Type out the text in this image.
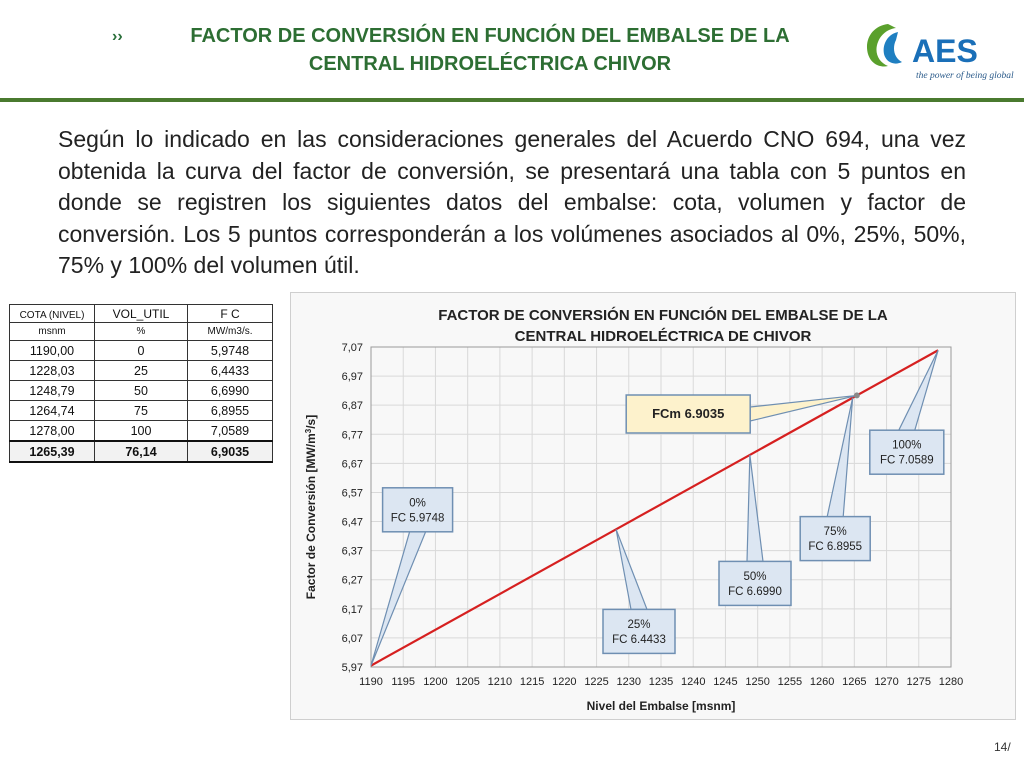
››	FACTOR DE CONVERSIÓN EN FUNCIÓN DEL EMBALSE DE LA
CENTRAL HIDROELÉCTRICA CHIVOR	AES
the power of being global

Según lo indicado en las consideraciones generales del Acuerdo CNO 694, una vez obtenida la curva del factor de conversión, se presentará una tabla con 5 puntos en donde se registren los siguientes datos del embalse: cota, volumen y factor de conversión. Los 5 puntos corresponderán a los volúmenes asociados al 0%, 25%, 50%, 75% y 100% del volumen útil.

COTA (NIVEL)	VOL_UTIL	F C
msnm	%	MW/m3/s.
1190,00	0	5,9748
1228,03	25	6,4433
1248,79	50	6,6990
1264,74	75	6,8955
1278,00	100	7,0589
1265,39	76,14	6,9035
FACTOR DE CONVERSIÓN EN FUNCIÓN DEL EMBALSE DE LA
CENTRAL HIDROELÉCTRICA DE CHIVOR
7,07
6,97
6,87
6,77
6,67
6,57
6,47
6,37
6,27
6,17
6,07
5,97
1190 1195 1200 1205 1210 1215 1220 1225 1230 1235 1240 1245 1250 1255 1260 1265 1270 1275 1280
0%
FC 5.9748
25%
FC 6.4433
50%
FC 6.6990
75%
FC 6.8955
100%
FC 7.0589
FCm 6.9035
Nivel del Embalse [msnm]
Factor de Conversión $[MW/m^3/s]$
14/
